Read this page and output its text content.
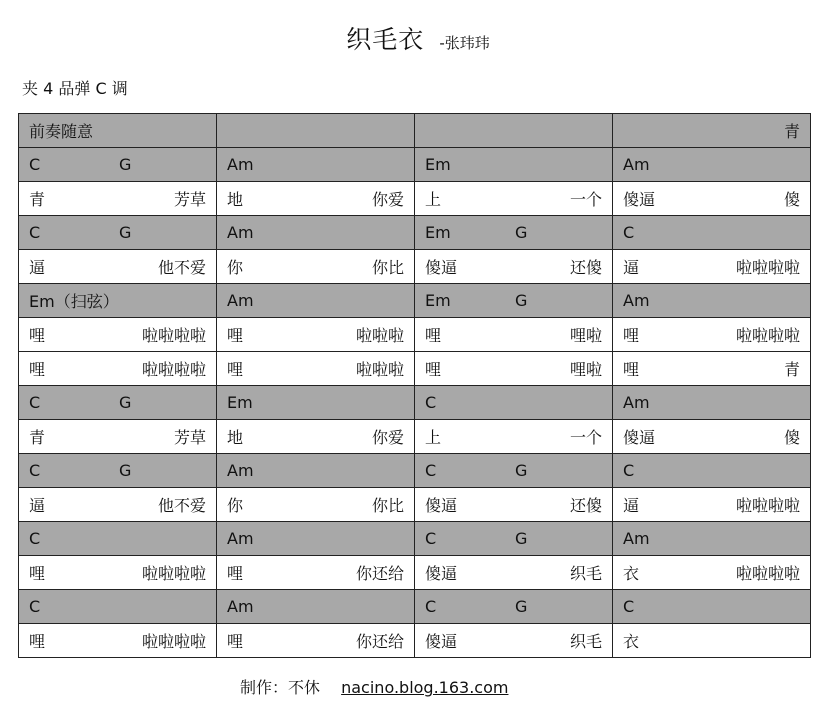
织毛衣 -张玮玮
夹 4 品弹 C 调
前奏随意			青

C G	Am	Em	Am

青 芳草	地 你爱	上 一个	傻逼 傻

C G	Am	Em G	C

逼 他不爱	你 你比	傻逼 还傻	逼 啦啦啦啦

Em（扫弦）	Am	Em G	Am

哩 啦啦啦啦	哩 啦啦啦	哩 哩啦	哩 啦啦啦啦

哩 啦啦啦啦	哩 啦啦啦	哩 哩啦	哩 青

C G	Em	C	Am

青 芳草	地 你爱	上 一个	傻逼 傻

C G	Am	C G	C

逼 他不爱	你 你比	傻逼 还傻	逼 啦啦啦啦

C	Am	C G	Am

哩 啦啦啦啦	哩 你还给	傻逼 织毛	衣 啦啦啦啦

C	Am	C G	C

哩 啦啦啦啦	哩 你还给	傻逼 织毛	衣
制作：不休 nacino.blog.163.com
